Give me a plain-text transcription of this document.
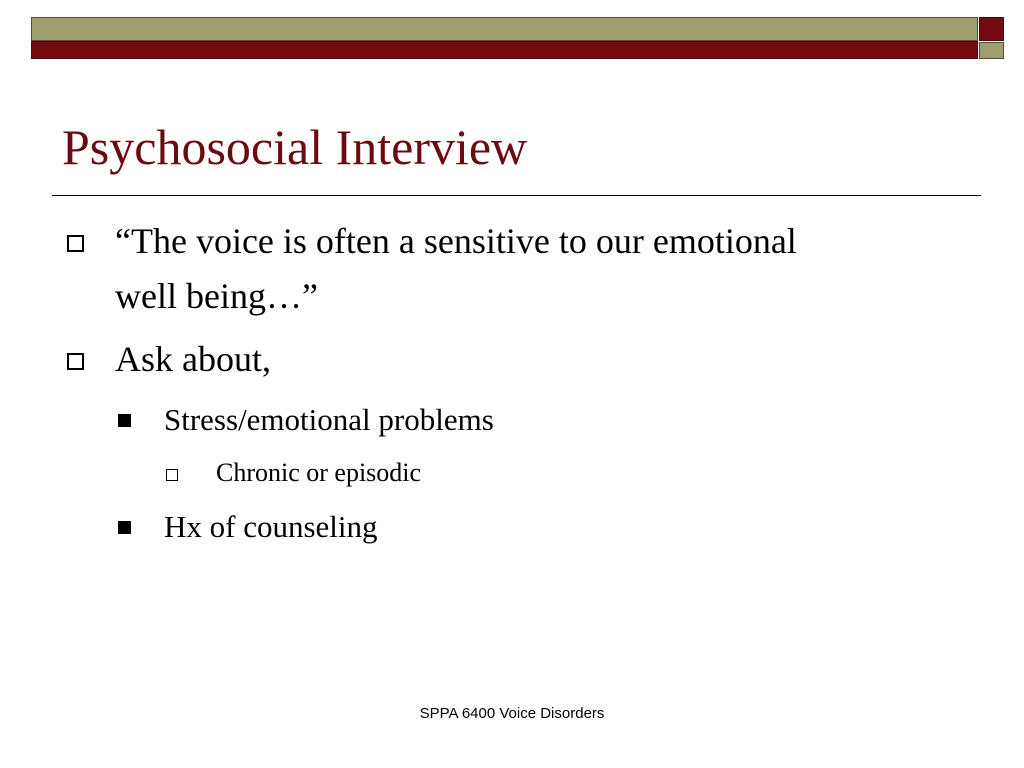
Psychosocial Interview
“The voice is often a sensitive to our emotional well being…”
Ask about,
Stress/emotional problems
Chronic or episodic
Hx of counseling
SPPA 6400 Voice Disorders
